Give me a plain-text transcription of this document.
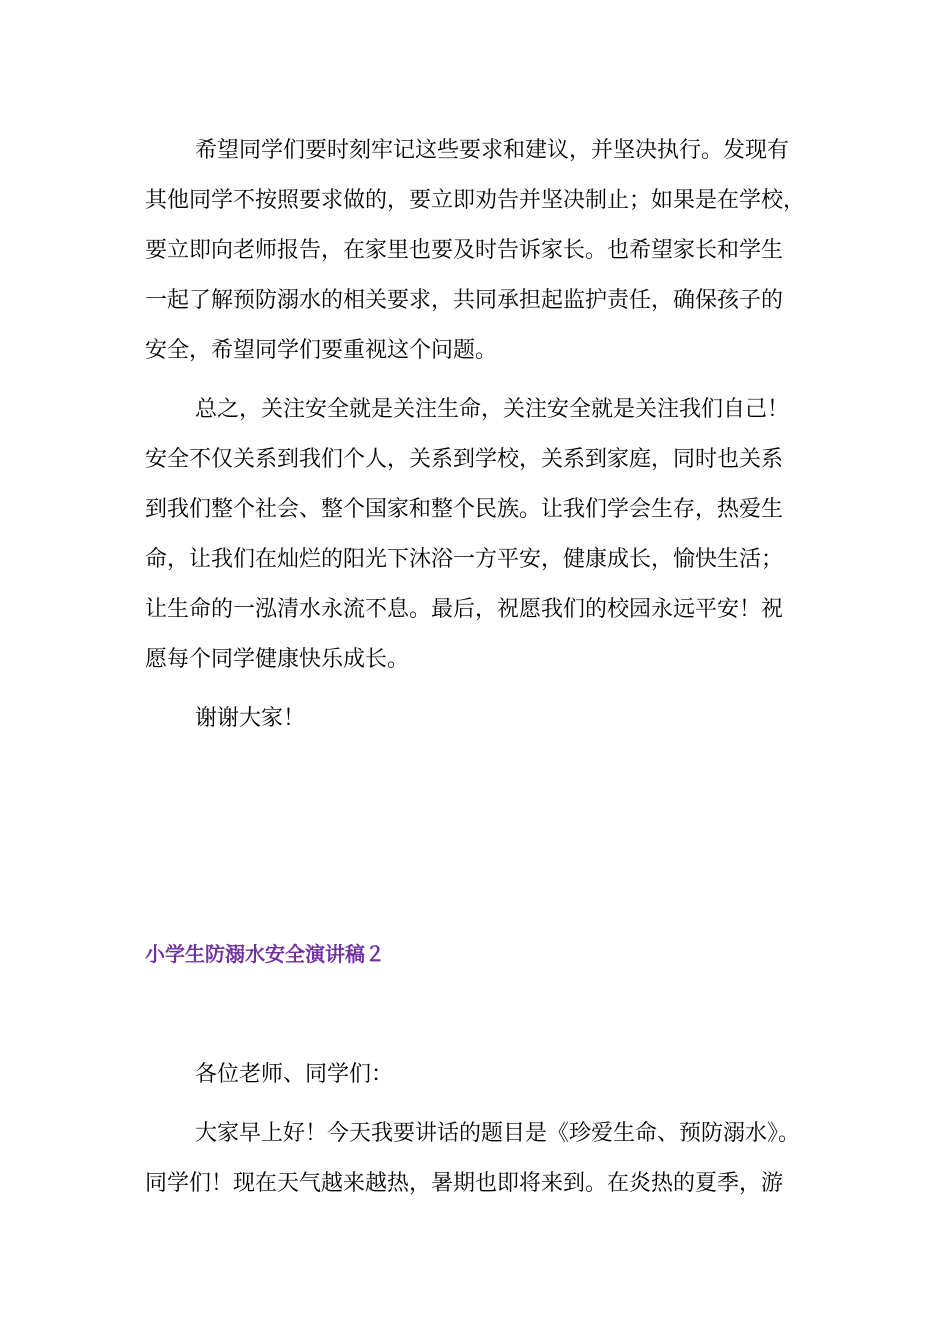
希望同学们要时刻牢记这些要求和建议，并坚决执行。发现有
其他同学不按照要求做的，要立即劝告并坚决制止；如果是在学校，
要立即向老师报告，在家里也要及时告诉家长。也希望家长和学生
一起了解预防溺水的相关要求，共同承担起监护责任，确保孩子的
安全，希望同学们要重视这个问题。
总之，关注安全就是关注生命，关注安全就是关注我们自己！
安全不仅关系到我们个人，关系到学校，关系到家庭，同时也关系
到我们整个社会、整个国家和整个民族。让我们学会生存，热爱生
命，让我们在灿烂的阳光下沐浴一方平安，健康成长，愉快生活；
让生命的一泓清水永流不息。最后，祝愿我们的校园永远平安！祝
愿每个同学健康快乐成长。
谢谢大家！
小学生防溺水安全演讲稿２
各位老师、同学们：
大家早上好！今天我要讲话的题目是《珍爱生命、预防溺水》。
同学们！现在天气越来越热，暑期也即将来到。在炎热的夏季，游
